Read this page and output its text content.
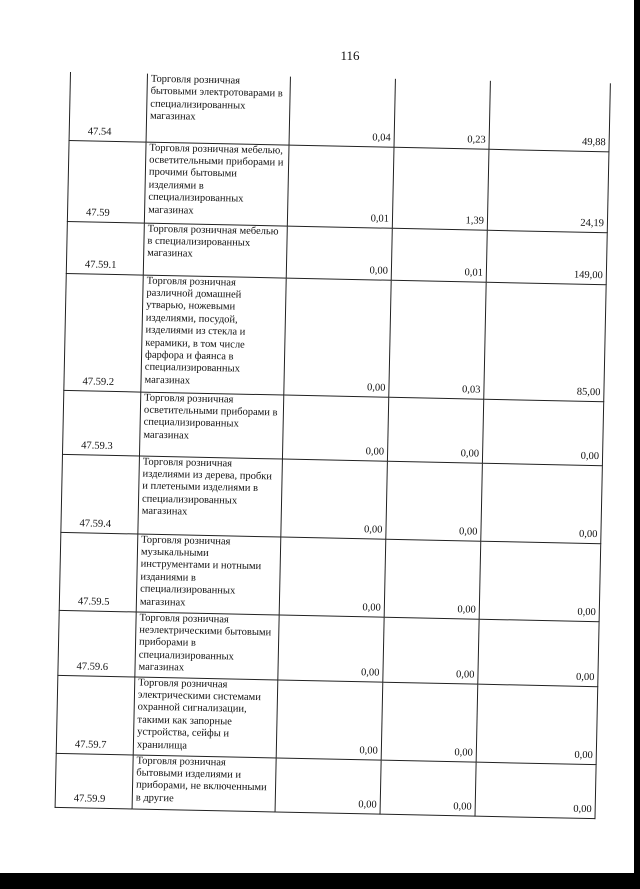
116
47.54	Торговля розничная бытовыми электротоварами в специализированных магазинах	0,04	0,23	49,88
47.59	Торговля розничная мебелью, осветительными приборами и прочими бытовыми изделиями в специализированных магазинах	0,01	1,39	24,19
47.59.1	Торговля розничная мебелью в специализированных магазинах	0,00	0,01	149,00
47.59.2	Торговля розничная различной домашней утварью, ножевыми изделиями, посудой, изделиями из стекла и керамики, в том числе фарфора и фаянса в специализированных магазинах	0,00	0,03	85,00
47.59.3	Торговля розничная осветительными приборами в специализированных магазинах	0,00	0,00	0,00
47.59.4	Торговля розничная изделиями из дерева, пробки и плетеными изделиями в специализированных магазинах	0,00	0,00	0,00
47.59.5	Торговля розничная музыкальными инструментами и нотными изданиями в специализированных магазинах	0,00	0,00	0,00
47.59.6	Торговля розничная неэлектрическими бытовыми приборами в специализированных магазинах	0,00	0,00	0,00
47.59.7	Торговля розничная электрическими системами охранной сигнализации, такими как запорные устройства, сейфы и хранилища	0,00	0,00	0,00
47.59.9	Торговля розничная бытовыми изделиями и приборами, не включенными в другие	0,00	0,00	0,00
